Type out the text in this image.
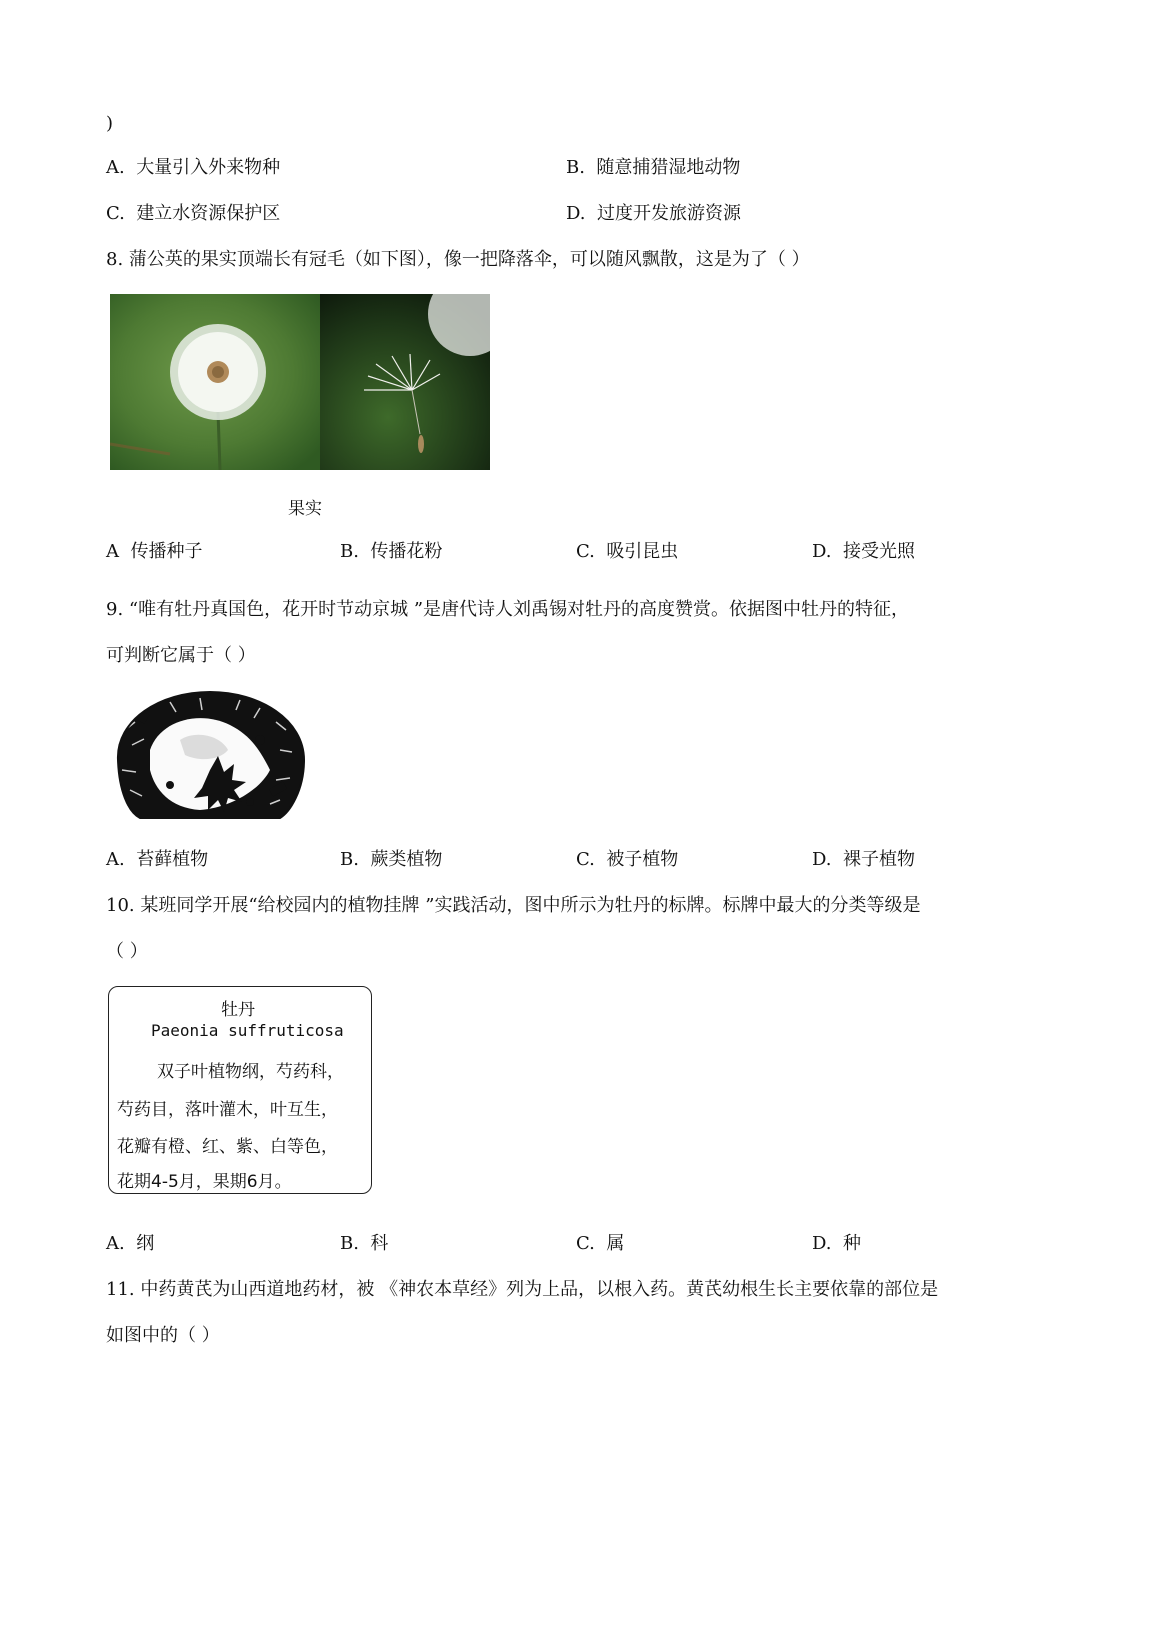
)
A. 大量引入外来物种	B. 随意捕猎湿地动物
C. 建立水资源保护区	D. 过度开发旅游资源
8. 蒲公英的果实顶端长有冠毛（如下图），像一把降落伞，可以随风飘散，这是为了（ ）
果实
A 传播种子	B. 传播花粉	C. 吸引昆虫	D. 接受光照
9. “唯有牡丹真国色，花开时节动京城 ”是唐代诗人刘禹锡对牡丹的高度赞赏。依据图中牡丹的特征，
可判断它属于（ ）
A. 苔藓植物	B. 蕨类植物	C. 被子植物	D. 裸子植物
10. 某班同学开展“给校园内的植物挂牌 ”实践活动，图中所示为牡丹的标牌。标牌中最大的分类等级是
（ ）
牡丹
Paeonia suffruticosa
双子叶植物纲，芍药科，
芍药目，落叶灌木，叶互生，
花瓣有橙、红、紫、白等色，
花期4-5月，果期6月。
A. 纲	B. 科	C. 属	D. 种
11. 中药黄芪为山西道地药材，被 《神农本草经》列为上品，以根入药。黄芪幼根生长主要依靠的部位是
如图中的（ ）
